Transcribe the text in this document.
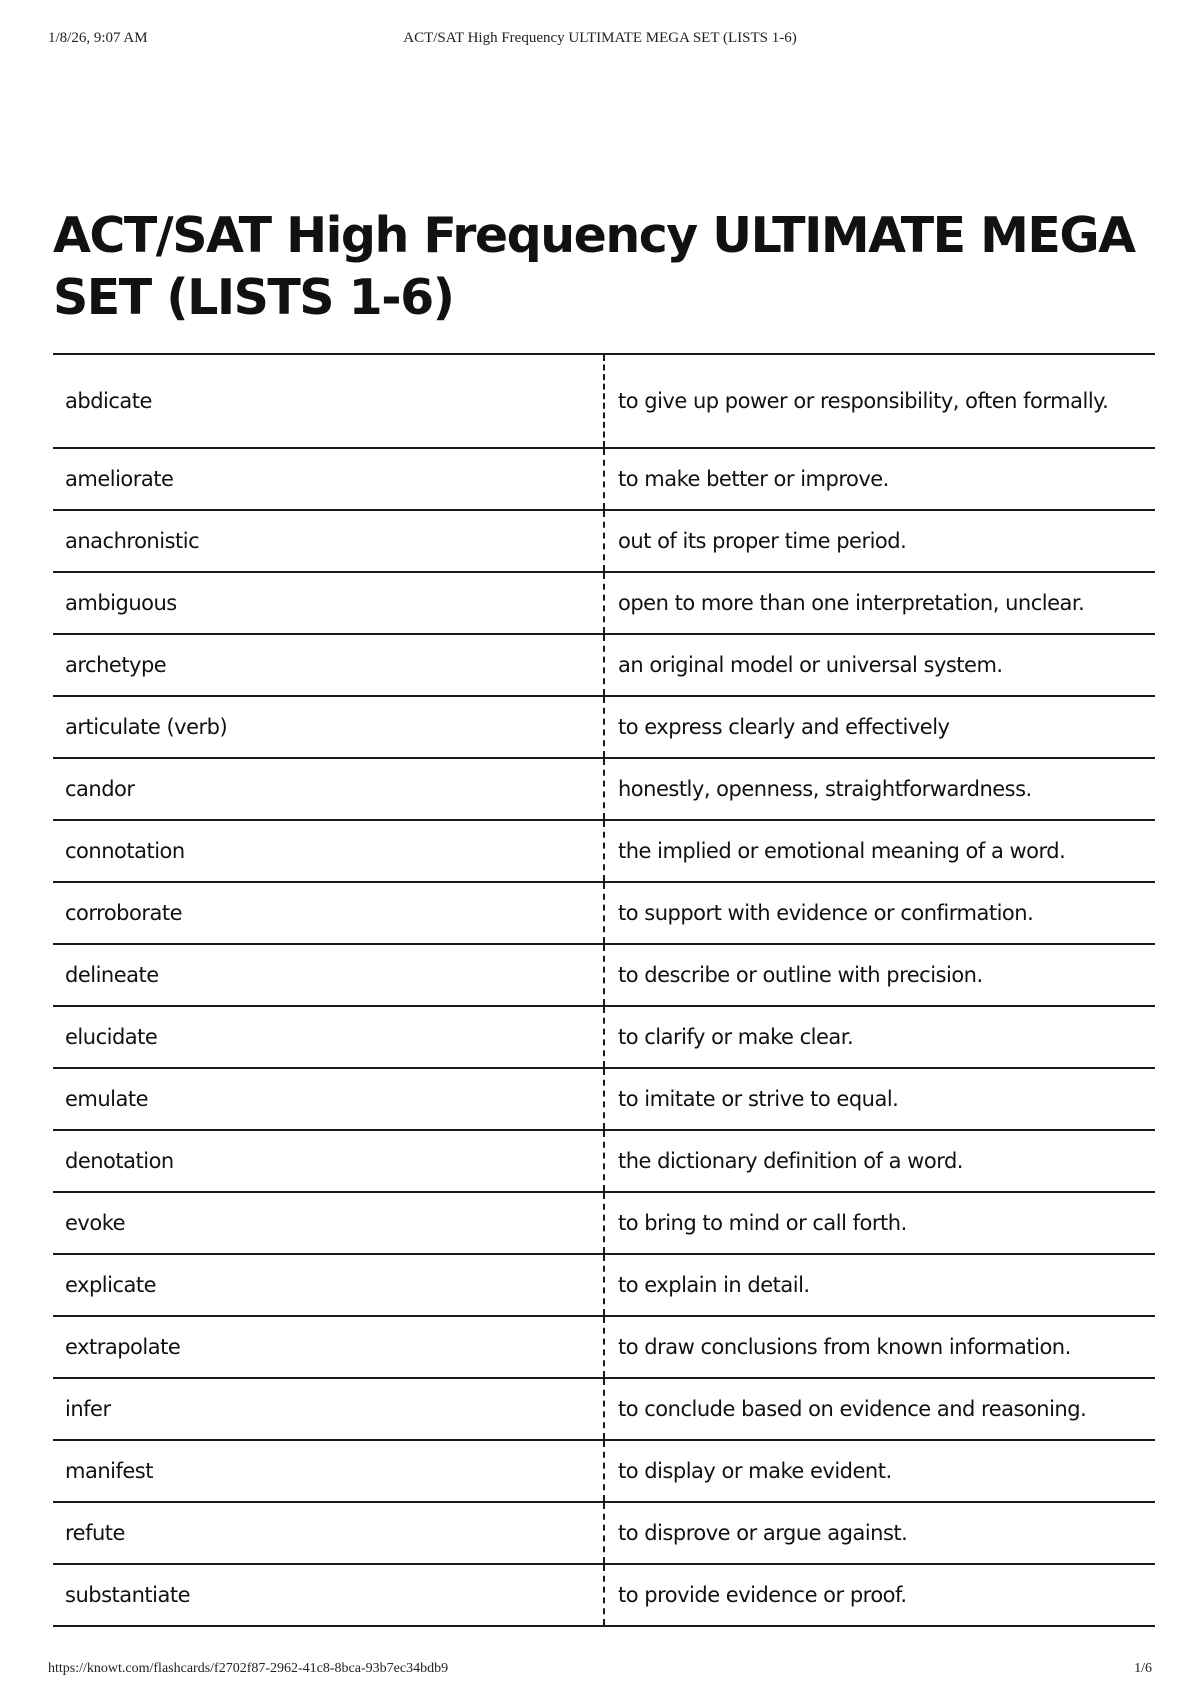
1/8/26, 9:07 AM	ACT/SAT High Frequency ULTIMATE MEGA SET (LISTS 1-6)
ACT/SAT High Frequency ULTIMATE MEGA SET (LISTS 1-6)
abdicate	to give up power or responsibility, often formally.
ameliorate	to make better or improve.
anachronistic	out of its proper time period.
ambiguous	open to more than one interpretation, unclear.
archetype	an original model or universal system.
articulate (verb)	to express clearly and effectively
candor	honestly, openness, straightforwardness.
connotation	the implied or emotional meaning of a word.
corroborate	to support with evidence or confirmation.
delineate	to describe or outline with precision.
elucidate	to clarify or make clear.
emulate	to imitate or strive to equal.
denotation	the dictionary definition of a word.
evoke	to bring to mind or call forth.
explicate	to explain in detail.
extrapolate	to draw conclusions from known information.
infer	to conclude based on evidence and reasoning.
manifest	to display or make evident.
refute	to disprove or argue against.
substantiate	to provide evidence or proof.
https://knowt.com/flashcards/f2702f87-2962-41c8-8bca-93b7ec34bdb9	1/6
